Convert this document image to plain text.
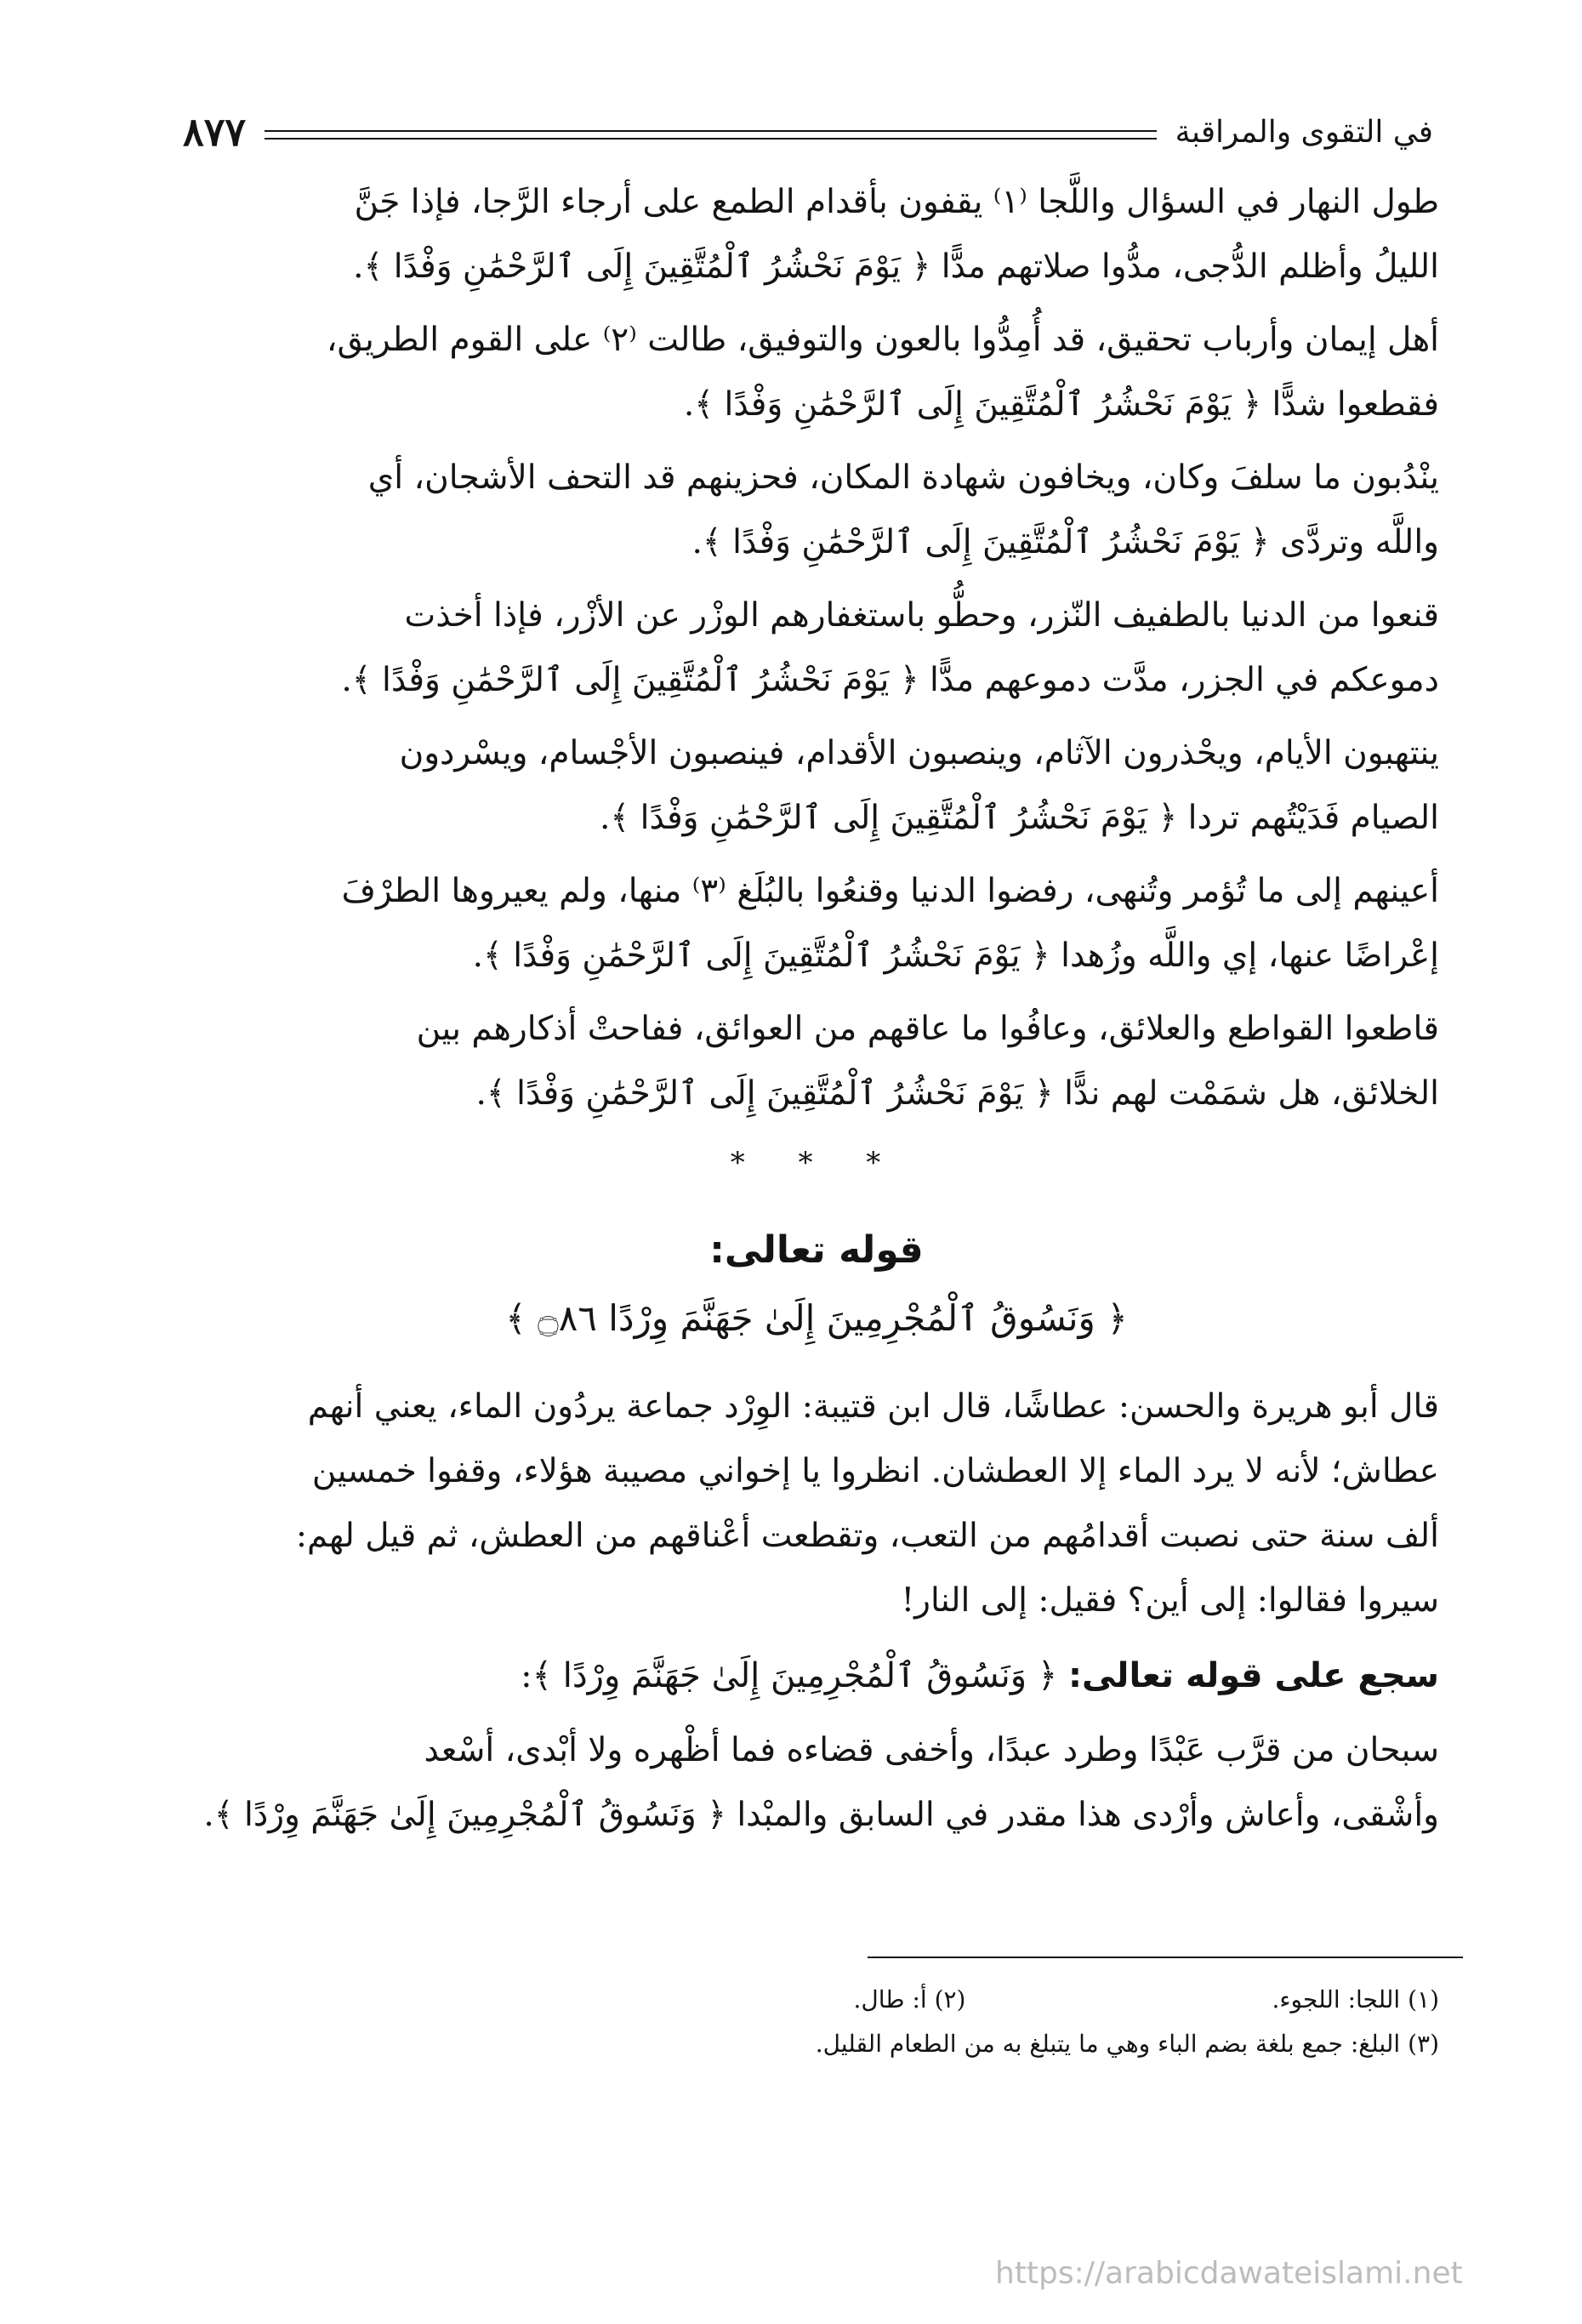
في التقوى والمراقبة
٨٧٧

طول النهار في السؤال واللَّجا ⁽١⁾ يقفون بأقدام الطمع على أرجاء الرَّجا، فإذا جَنَّ
الليلُ وأظلم الدُّجى، مدُّوا صلاتهم مدًّا ﴿ يَوْمَ نَحْشُرُ ٱلْمُتَّقِينَ إِلَى ٱلرَّحْمَٰنِ وَفْدًا ﴾.

أهل إيمان وأرباب تحقيق، قد أُمِدُّوا بالعون والتوفيق، طالت ⁽٢⁾ على القوم الطريق،
فقطعوا شدًّا ﴿ يَوْمَ نَحْشُرُ ٱلْمُتَّقِينَ إِلَى ٱلرَّحْمَٰنِ وَفْدًا ﴾.

ينْدُبون ما سلفَ وكان، ويخافون شهادة المكان، فحزينهم قد التحف الأشجان، أي
واللَّه وتردَّى ﴿ يَوْمَ نَحْشُرُ ٱلْمُتَّقِينَ إِلَى ٱلرَّحْمَٰنِ وَفْدًا ﴾.

قنعوا من الدنيا بالطفيف النّزر، وحطُّو باستغفارهم الوزْر عن الأزْر، فإذا أخذت
دموعكم في الجزر، مدَّت دموعهم مدًّا ﴿ يَوْمَ نَحْشُرُ ٱلْمُتَّقِينَ إِلَى ٱلرَّحْمَٰنِ وَفْدًا ﴾.

ينتهبون الأيام، ويحْذرون الآثام، وينصبون الأقدام، فينصبون الأجْسام، ويسْردون
الصيام فَدَيْتُهم تردا ﴿ يَوْمَ نَحْشُرُ ٱلْمُتَّقِينَ إِلَى ٱلرَّحْمَٰنِ وَفْدًا ﴾.

أعينهم إلى ما تُؤمر وتُنهى، رفضوا الدنيا وقنعُوا بالبُلَغ ⁽٣⁾ منها، ولم يعيروها الطرْفَ
إعْراضًا عنها، إي واللَّه وزُهدا ﴿ يَوْمَ نَحْشُرُ ٱلْمُتَّقِينَ إِلَى ٱلرَّحْمَٰنِ وَفْدًا ﴾.

قاطعوا القواطع والعلائق، وعافُوا ما عاقهم من العوائق، ففاحتْ أذكارهم بين
الخلائق، هل شمَمْت لهم ندًّا ﴿ يَوْمَ نَحْشُرُ ٱلْمُتَّقِينَ إِلَى ٱلرَّحْمَٰنِ وَفْدًا ﴾.

* * *
قوله تعالى:
﴿ وَنَسُوقُ ٱلْمُجْرِمِينَ إِلَىٰ جَهَنَّمَ وِرْدًا ۝٨٦ ﴾

قال أبو هريرة والحسن: عطاشًا، قال ابن قتيبة: الوِرْد جماعة يردُون الماء، يعني أنهم
عطاش؛ لأنه لا يرد الماء إلا العطشان. انظروا يا إخواني مصيبة هؤلاء، وقفوا خمسين
ألف سنة حتى نصبت أقدامُهم من التعب، وتقطعت أعْناقهم من العطش، ثم قيل لهم:
سيروا فقالوا: إلى أين؟ فقيل: إلى النار!

سجع على قوله تعالى: ﴿ وَنَسُوقُ ٱلْمُجْرِمِينَ إِلَىٰ جَهَنَّمَ وِرْدًا ﴾:

سبحان من قرَّب عَبْدًا وطرد عبدًا، وأخفى قضاءه فما أظْهره ولا أبْدى، أسْعد
وأشْقى، وأعاش وأرْدى هذا مقدر في السابق والمبْدا ﴿ وَنَسُوقُ ٱلْمُجْرِمِينَ إِلَىٰ جَهَنَّمَ وِرْدًا ﴾.

(١) اللجا: اللجوء.
(٢) أ: طال.
(٣) البلغ: جمع بلغة بضم الباء وهي ما يتبلغ به من الطعام القليل.
https://arabicdawateislami.net
